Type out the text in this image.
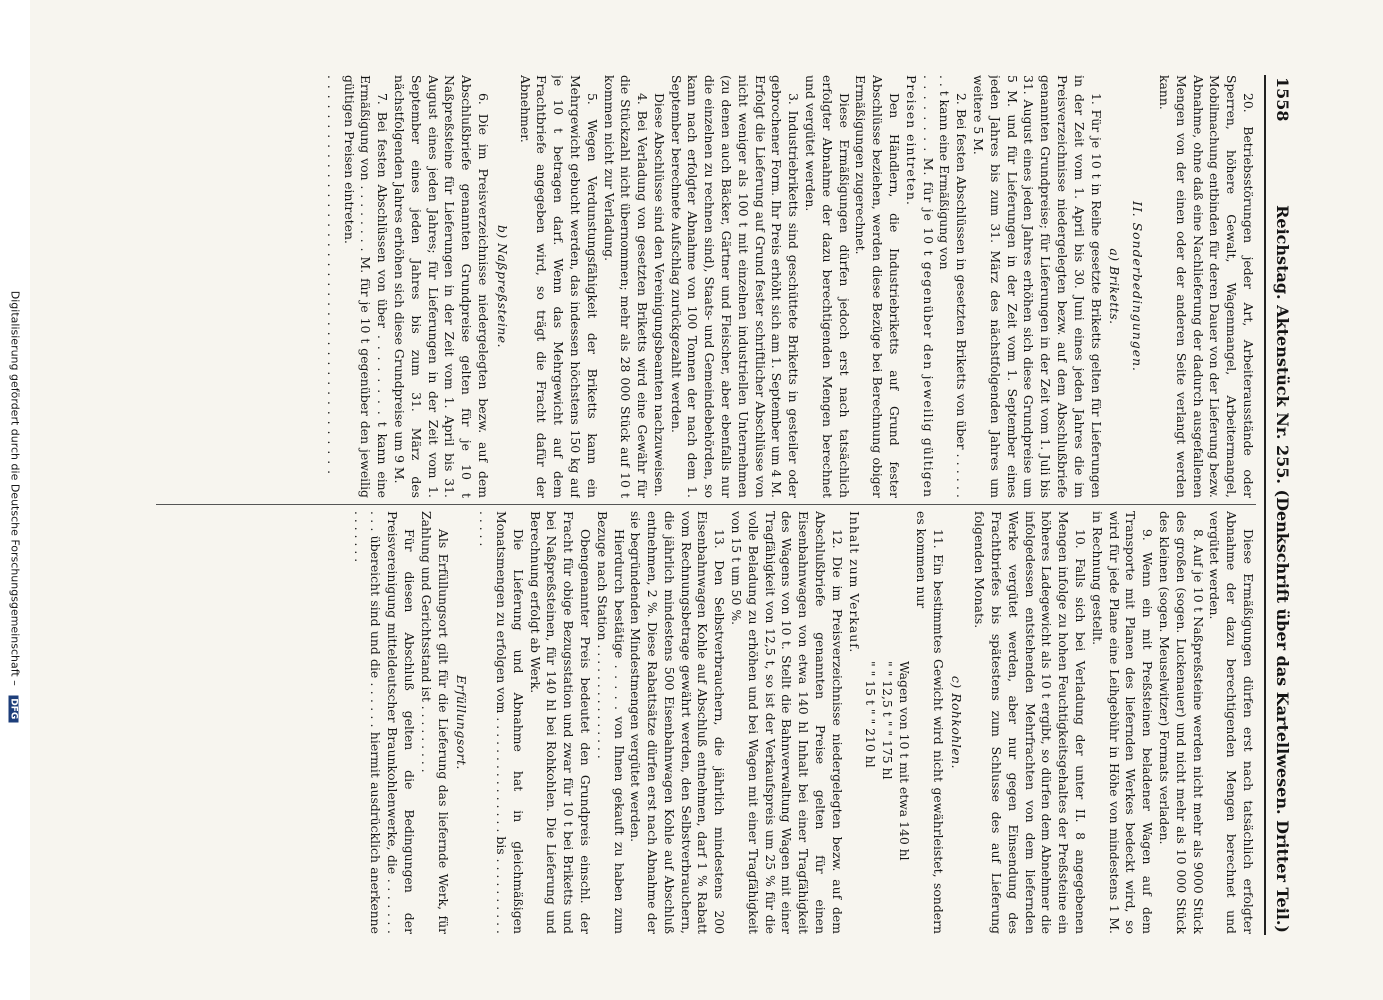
Digitalisierung gefördert durch die Deutsche Forschungsgemeinschaft – DFG
1558
Reichstag. Aktenstück Nr. 255. (Denkschrift über das Kartellwesen. Dritter Teil.)

20. Betriebsstörungen jeder Art, Arbeiterausstände oder Sperren, höhere Gewalt, Wagenmangel, Arbeitermangel, Mobilmachung entbinden für deren Dauer von der Lieferung bezw. Abnahme, ohne daß eine Nachlieferung der dadurch ausgefallenen Mengen von der einen oder der anderen Seite verlangt werden kann.

II. Sonderbedingungen.

a) Briketts.

1. Für je 10 t in Reihe gesetzte Briketts gelten für Lieferungen in der Zeit vom 1. April bis 30. Juni eines jeden Jahres die im Preisverzeichnisse niedergelegten bezw. auf dem Abschlußbriefe genannten Grundpreise; für Lieferungen in der Zeit vom 1. Juli bis 31. August eines jeden Jahres erhöhen sich diese Grundpreise um 5 M. und für Lieferungen in der Zeit vom 1. September eines jeden Jahres bis zum 31. März des nächstfolgenden Jahres um weitere 5 M.

2. Bei festen Abschlüssen in gesetzten Briketts von über . . . . . . . . t kann eine Ermäßigung von

. . . . . . . . M. für je 10 t gegenüber den jeweilig gültigen Preisen eintreten.

Den Händlern, die Industriebriketts auf Grund fester Abschlüsse beziehen, werden diese Bezüge bei Berechnung obiger Ermäßigungen zugerechnet.

Diese Ermäßigungen dürfen jedoch erst nach tatsächlich erfolgter Abnahme der dazu berechtigenden Mengen berechnet und vergütet werden.

3. Industriebriketts sind geschüttete Briketts in gesteiler oder gebrochener Form. Ihr Preis erhöht sich am 1. September um 4 M. Erfolgt die Lieferung auf Grund fester schriftlicher Abschlüsse von nicht weniger als 100 t mit einzelnen industriellen Unternehmen (zu denen auch Bäcker, Gärtner und Fleischer, aber ebenfalls nur die einzelnen zu rechnen sind), Staats- und Gemeindebehörden, so kann nach erfolgter Abnahme von 100 Tonnen der nach dem 1. September berechnete Aufschlag zurückgezahlt werden.

Diese Abschlüsse sind den Vereinigungsbeamten nachzuweisen.

4. Bei Verladung von gesetzten Briketts wird eine Gewähr für die Stückzahl nicht übernommen; mehr als 28 000 Stück auf 10 t kommen nicht zur Verladung.

5. Wegen Verdunstungsfähigkeit der Briketts kann ein Mehrgewicht gebucht werden, das indessen höchstens 150 kg auf je 10 t betragen darf. Wenn das Mehrgewicht auf dem Frachtbriefe angegeben wird, so trägt die Fracht dafür der Abnehmer.

b) Naßpreßsteine.

6. Die im Preisverzeichnisse niedergelegten bezw. auf dem Abschlußbriefe genannten Grundpreise gelten für je 10 t Naßpreßsteine für Lieferungen in der Zeit vom 1. April bis 31. August eines jeden Jahres; für Lieferungen in der Zeit vom 1. September eines jeden Jahres bis zum 31. März des nächstfolgenden Jahres erhöhen sich diese Grundpreise um 9 M.

7. Bei festen Abschlüssen von über . . . . . . . . t kann eine Ermäßigung von . . . . . . . . M. für je 10 t gegenüber den jeweilig gültigen Preisen eintreten.

. . . . . . . . . . . . . . . . . . . . . . . . . . . . . . . . . . . . . . . . .

Diese Ermäßigungen dürfen erst nach tatsächlich erfolgter Abnahme der dazu berechtigenden Mengen berechnet und vergütet werden.

8. Auf je 10 t Naßpreßsteine werden nicht mehr als 9000 Stück des großen (sogen. Luckenauer) und nicht mehr als 10 000 Stück des kleinen (sogen. Meuselwitzer) Formats verladen.

9. Wenn ein mit Preßsteinen beladener Wagen auf dem Transporte mit Planen des liefernden Werkes bedeckt wird, so wird für jede Plane eine Leihgebühr in Höhe von mindestens 1 M. in Rechnung gestellt.

10. Falls sich bei Verladung der unter II. 8 angegebenen Mengen infolge zu hohen Feuchtigkeitsgehaltes der Preßsteine ein höheres Ladegewicht als 10 t ergibt, so dürfen dem Abnehmer die infolgedessen entstehenden Mehrfrachten von dem liefernden Werke vergütet werden, aber nur gegen Einsendung des Frachtbriefes bis spätestens zum Schlusse des auf Lieferung folgenden Monats.

c) Rohkohlen.

11. Ein bestimmtes Gewicht wird nicht gewährleistet, sondern es kommen nur

Wagen von 10 t mit etwa 140 hl

" " 12,5 t " " 175 hl

" " 15 t " " 210 hl

Inhalt zum Verkauf.

12. Die im Preisverzeichnisse niedergelegten bezw. auf dem Abschlußbriefe genannten Preise gelten für einen Eisenbahnwagen von etwa 140 hl Inhalt bei einer Tragfähigkeit des Wagens von 10 t. Stellt die Bahnverwaltung Wagen mit einer Tragfähigkeit von 12,5 t, so ist der Verkaufspreis um 25 % für die volle Beladung zu erhöhen und bei Wagen mit einer Tragfähigkeit von 15 t um 50 %.

13. Den Selbstverbrauchern, die jährlich mindestens 200 Eisenbahnwagen Kohle auf Abschluß entnehmen, darf 1 % Rabatt vom Rechnungsbetrage gewährt werden, den Selbstverbrauchern, die jährlich mindestens 500 Eisenbahnwagen Kohle auf Abschluß entnehmen, 2 %. Diese Rabattsätze dürfen erst nach Abnahme der sie begründenden Mindestmengen vergütet werden.

Hierdurch bestätige . . . . . von Ihnen gekauft zu haben zum Bezuge nach Station . . . . . . . . . . . . . . .

Obengenannter Preis bedeutet den Grundpreis einschl. der Fracht für obige Bezugsstation und zwar für 10 t bei Briketts und bei Naßpreßsteinen, für 140 hl bei Rohkohlen. Die Lieferung und Berechnung erfolgt ab Werk.

Die Lieferung und Abnahme hat in gleichmäßigen Monatsmengen zu erfolgen vom . . . . . . . . . . . . . . . bis . . . . . . . . . . . . . . .

Erfüllungsort.

Als Erfüllungsort gilt für die Lieferung das liefernde Werk, für Zahlung und Gerichtsstand ist . . . . . . . . .

Für diesen Abschluß gelten die Bedingungen der Preisvereinigung mitteldeutscher Braunkohlenwerke, die . . . . . . . . . . übereicht sind und die . . . . . . hiermit ausdrücklich anerkenne . . . . . . .
